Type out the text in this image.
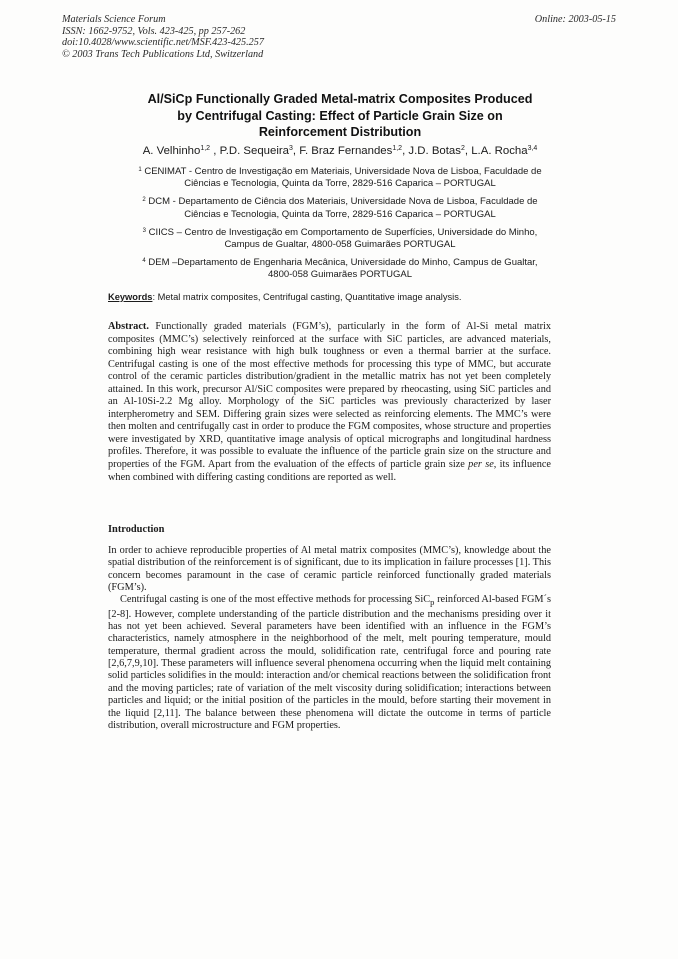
Materials Science Forum
ISSN: 1662-9752, Vols. 423-425, pp 257-262
doi:10.4028/www.scientific.net/MSF.423-425.257
© 2003 Trans Tech Publications Ltd, Switzerland
Online: 2003-05-15
Al/SiCp Functionally Graded Metal-matrix Composites Produced
by Centrifugal Casting: Effect of Particle Grain Size on
Reinforcement Distribution
A. Velhinho$^{1,2}$ , P.D. Sequeira$^3$, F. Braz Fernandes$^{1,2}$, J.D. Botas$^2$, L.A. Rocha$^{3,4}$
$^1$ CENIMAT - Centro de Investigação em Materiais, Universidade Nova de Lisboa, Faculdade de
Ciências e Tecnologia, Quinta da Torre, 2829-516 Caparica – PORTUGAL
$^2$ DCM - Departamento de Ciência dos Materiais, Universidade Nova de Lisboa, Faculdade de
Ciências e Tecnologia, Quinta da Torre, 2829-516 Caparica – PORTUGAL
$^3$ CIICS – Centro de Investigação em Comportamento de Superfícies, Universidade do Minho,
Campus de Gualtar, 4800-058 Guimarães PORTUGAL
$^4$ DEM –Departamento de Engenharia Mecânica, Universidade do Minho, Campus de Gualtar,
4800-058 Guimarães PORTUGAL
Keywords: Metal matrix composites, Centrifugal casting, Quantitative image analysis.
Abstract. Functionally graded materials (FGM’s), particularly in the form of Al-Si metal matrix composites (MMC’s) selectively reinforced at the surface with SiC particles, are advanced materials, combining high wear resistance with high bulk toughness or even a thermal barrier at the surface. Centrifugal casting is one of the most effective methods for processing this type of MMC, but accurate control of the ceramic particles distribution/gradient in the metallic matrix has not yet been completely attained. In this work, precursor Al/SiC composites were prepared by rheocasting, using SiC particles and an Al-10Si-2.2 Mg alloy. Morphology of the SiC particles was previously characterized by laser interpherometry and SEM. Differing grain sizes were selected as reinforcing elements. The MMC’s were then molten and centrifugally cast in order to produce the FGM composites, whose structure and properties were investigated by XRD, quantitative image analysis of optical micrographs and longitudinal hardness profiles. Therefore, it was possible to evaluate the influence of the particle grain size on the structure and properties of the FGM. Apart from the evaluation of the effects of particle grain size per se, its influence when combined with differing casting conditions are reported as well.
Introduction

In order to achieve reproducible properties of Al metal matrix composites (MMC’s), knowledge about the spatial distribution of the reinforcement is of significant, due to its implication in failure processes [1]. This concern becomes paramount in the case of ceramic particle reinforced functionally graded materials (FGM’s).

Centrifugal casting is one of the most effective methods for processing SiC$_p$ reinforced Al-based FGM´s [2-8]. However, complete understanding of the particle distribution and the mechanisms presiding over it has not yet been achieved. Several parameters have been identified with an influence in the FGM’s characteristics, namely atmosphere in the neighborhood of the melt, melt pouring temperature, mould temperature, thermal gradient across the mould, solidification rate, centrifugal force and pouring rate [2,6,7,9,10]. These parameters will influence several phenomena occurring when the liquid melt containing solid particles solidifies in the mould: interaction and/or chemical reactions between the solidification front and the moving particles; rate of variation of the melt viscosity during solidification; interactions between particles and liquid; or the initial position of the particles in the mould, before starting their movement in the liquid [2,11]. The balance between these phenomena will dictate the outcome in terms of particle distribution, overall microstructure and FGM properties.
